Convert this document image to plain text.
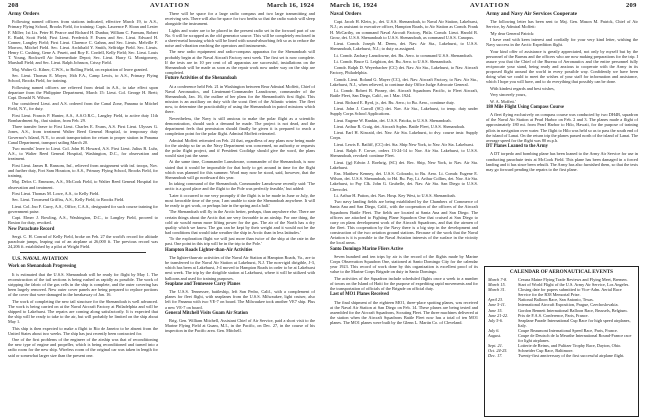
208	AVIATION	March 16, 1924 March 16, 1924	AVIATION	209

Army Orders

Following named officers from stations indicated, effective March 19, to A.S., Primary Flying School, Brooks Field, for training: Capts. Laurence P. Sloan and Lester F. Miller; 1st Lts. Peter H. Pearce and Richard H. Dunbar, William C. Farnum, Robert E. Rudd, Scott Field; First Lieut. Frederick F. Evans and Sec. Lieut. Edward H. Conner, Langley Field; First Lieut. Clarence C. Gahnn, and Sec. Lieuts. Melville F. Morrow, Mitchel Field. Sec. Lieut. Archibald Y. Smith, Selfridge Field. Sec. Lieuts. Henry C. Cushing, Gene A. Pruett, and Roy E. Cordell, Kelly Field; Sec. Lieut. Louis T. Young, Rockwell Air Intermediate Depot; Sec. Lieut. Harry G. Montgomery, Marshall Field; and Sec. Lieut. Ralph Johnson, Crissy Field.

Maj. Walter G. Kilner, C.W.S., to Bolling Field, on expiration of leave granted.

Sec. Lieut. Thomas E. Moyer, 16th F.A., Camp Lewis, to A.S., Primary Flying School, Brooks Field, for training.

Following named officers are relieved from detail in A.S., to take effect upon departure from the Philippine Department, March 15: Lieut. Col. George H. Brett; Capt. Donald N. Wilson.

Our considered Lieut. and A.S. ordered from the Canal Zone, Panama to Mitchel Field, N.Y., for duty.

First Lieut. Francis P. Hunter, A.S., A.S.O.R.C., Langley Field, to active duty 11th Bombardment Sq., that station, from Feb. 29.

Three transfer leave to First Lieut. Charles E. Evans, A.S. First Lieut. Ulysses G. Jones, A.S., from treatment Walter Reed General Hospital, to temporary duty Governor's Island, N.Y., to await transportation for return to proper station in Panama Canal Department, transport sailing March 20.

Two months' leave to Lieut. Col. John H. Howard, A.S. First Lieut. Julius B. Luhr, A.S., to Walter Reed General Hospital, Washington, D.C., for observation and treatment.

First Lieut. James R. Ransom, Inf., relieved from assignment with inf. troops, Nov. and further duty, Fort Sam Houston, to A.S., Primary Flying School, Brooks Field, for training.

Maj. Delos C. Emmons, A.S., McCook Field, to Walter Reed General Hospital for observation and treatment.

First Lieut. Thomas M. Lowe, A.S., to Kelly Field.

Sec. Lieut. Townsend Griffiss, A.S., Kelly Field, to Brooks Field.

Lieut. Col. Jno F. Curry, A.S., Office, C.A.S., designated for such course training for government paise.

Capt. Elmer J. Bowling, A.S., Washington, D.C., to Langley Field, proceed to Boston for duty, revoked.

New Parachute Record

Sergt. C. H. Conrad of Kelly Field, broke on Feb. 27 the world's record for altitude parachute jumps, leaping out of an airplane at 26,000 ft. The previous record was 24,206 ft. established by a pilot at Wright Field.

U.S. NAVAL AVIATION

Work on Shenandoah Progressing

It is estimated that the U.S.S. Shenandoah will be ready for flight by May 1. The reconstruction of the tail sections is being rushed as rapidly as possible. The work of stripping the fabric of the gas cells in the ship is complete, and the outer covering has been largely removed. New outer cover panels are being prepared to replace portions of the cover that were damaged in the breakaway of Jan. 16.

The work of completing the new tail structure for the Shenandoah is well advanced. The work is being carried on at the Naval Aircraft Factory at Philadelphia and will be shipped to Lakehurst. The repairs are coming along satisfactorily. It is expected that the ship will be ready to take to the air, but will probably be limited on the ship about May 1.

This ship is then expected to make a flight to Rio de Janeiro to be absent from the United States about two weeks. The ship has just recently been contracted for.

One of the first problems of the engineer of the airship was that of reconditioning the new type of engine and propeller, which is being reconditioned and turned into a radio room for the new ship. Wireless room of the original car was taken in length for said or somewhat larger size than the present one.

There will be space for a large radio compass and two large transmitting and receiving sets. There will also be space for two berths so that the radio watch will sleep alongside the instrument.

Lights and water are to be placed in the present radio set in the forward part of car No. 6 will be scrapped as the old generator source. This will be completely enclosed in a sheet-metal housing which will be lined with sound-absorbing felt so as to reduce the noise and vibration reaching the operators and instruments.

The new radio equipment and radio-compass apparatus for the Shenandoah will probably begin at the Naval Aircraft Factory next week. The first set is now complete. If the tests are in 10 per cent of all apparatus are successful, installations on the Shenandoah will be made as soon as the repair work now under way on the ship are completed.

Future Activities of the Shenandoah

At a conference held Feb. 21 in Washington between Rear Admiral Moffett, Chief of Naval Aeronautics, and Lieutenant-Commander Lansdowne, commander of the Shenandoah, Jan. 16, the outline of her plans for the Shenandoah's first flight. This mission is an auxiliary on duty with the scout fleet of the Atlantic winter. The fleet now, to determine the practicability of using the Shenandoah in patrol missions which there.

Nevertheless, the Navy is still anxious to make the polar flight as a scientific demonstration, should such a demand be made. The project is not dead, and the department feels that permission should finally be given it is prepared to reach a completion point for the polar flight. Admiral Moffett reiterated.

Admiral Moffett reiterated on Feb. 24 that, regardless of any plans now being made for the airship so far as the Navy Department was concerned, no authority or requests the polar flight project, and if President Coolidge should give the word, the plans would start just the same.

At the same time, Commander Lansdowne, commander of the Shenandoah, is now stated that it would be impossible for that body to get around in time for the flight which was planned for this summer. Word may now be stood, said, however, that the Shenandoah will go northward this year.

In taking command of the Shenandoah, Commander Lansdowne recently said: 'The arctic is a good place and the flight to the Pole was perfectly feasible,' but added:

'Later it occurred to me very promptly if the flight is to be made in June or July, the most favorable time of the year, I am unable to state the Shenandoah anywhere. It will be ready to get work, or perhaps late in the spring and a half.'

'The Shenandoah will fly in the Arctic better, perhaps, than anywhere else. There are certain things about the Arctic that are very favorable to an airship. For one thing, the cold air would mean more lifting power for the gas. The air of the North has a dry quality which we know. The gas can be kept by their weight and it would not be the bad conditions that would take weather the ship in Arctic than in less latitudes.'

'To the exploration flight we will just more than twice of the ship at the rate in the past. One point in this trip will be in the trip to the Pole.'

Hampton Roads Lighter-than-Air Activities

The lighter-than-air activities of the Naval Air Station at Hampton Roads, Va., are to be transferred to the Naval Air Station at Lakehurst, N.J. The non-rigid dirigible, J-3, which has been at Lakehurst, J-4 moved to Hampton Roads in order to be at Lakehurst next week. The trip by the dirigible station at Lakehurst, where it will be utilized with balloons and used for training purposes.

Seaplane and Tennessee Carry Planes

The U.S.S. Tennessee, battleship, left San Pedro, Calif., with a complement of planes for fleet flight, with seaplanes from the U.S.S. Milwaukee, light cruiser, also left for Panama with two VE-7 on board. The Milwaukee took another VE7 ship. Plus a new VE-7 on board.

General Mitchell Visits Guam Air Station

Brig. Gen. William Mitchell, Assistant Chief of Air Service, paid a short visit to the Marine Flying Field at Guam, M.I., in the Pacific, on Dec. 27, in the course of his inspection in the Pacific area. Gen. Mitchell.

Naval Orders

Capt. Jacob H. Klein, jr., det. U.S.S. Shenandoah, to Naval Air Station, Lakehurst, N.J.; as assistant to executive officer, Hampton Roads, to Air Station as Comdr. Frank H. McCarthy, on command Naval Aircraft Factory, Phila. Comdr. Lieut. Harold B. Grow, det. U.S.S. Shenandoah to U.S.S. Shenandoah, as command U.S.S. Canopus.

Lieut. Comdr. Joseph M. Deem, det. Nav. Air Sta., Lakehurst, to U.S.S. Shenandoah, Lakehurst, N.J.; to duty as assigned.

Lt. Comdr. Zachary Lansdowne, det. Bu. Aero. to command U.S.S. Shenandoah.

Lt. Comdr. Bruce G. Leighton, det. Bu. Aero. to U.S.S. Shenandoah.

Comdr. Ralph D. Weyerbacher (CC) det. Nav. Air Sta., Lakehurst, to Nav. Aircraft Factory, Philadelphia.

Comdr. Lieut. Roland G. Mayer (CC), det. Nav. Aircraft Factory, to Nav. Air Sta., Lakehurst, N.J., when relieved, to continue duty Office Judge Advocate General.

Lt. Comdr. Robert B. Pinney, det. Aircraft Squadrons Pacific, to Fleet Aircraft, Battle Fleet, San Diego, Calif., on 1 Mar. 1924.

Lieut. Richard E. Byrd, jr., det. Bu. Aero.; to Bu. Aero., continue duty.

Lieut. John J. Carroll (SC) det. Nav. Air Sta., Lakehurst, to temp. duty under Supply Corps School Applications.

Lieut. Eugene W. Rankin, det. U.S.S. Patoka, to U.S.S. Shenandoah.

Lieut. Arthur R. Craig, det. Aircraft Sqdns. Battle Fleet, U.S.S. Shenandoah.

Lieut. Earl H. Kincaid, det. Nav. Air Sta. Lakehurst, to dvy. course instr. Supply Corps.

Lieut. Lewis E. Ratliff, (CC) det. Sta. Ship New York, to Nav. Air Sta. Lakehurst.

Lieut. Ralph F. Crowe, orders 13-24-14 to Nav. Air Sta. Lakehurst, to U.S.S. Shenandoah, revoked: continue Fleet.

Lieut. (jg) Edwin J. Roehrig, (SC) det. Rec. Ship, New York, to Nav. Air Sta. Lakehurst.

Ens. Matthew Kenney, det. U.S.S. Colorado, to Bu. Aero. Lt. Comdr. Eugene E. Wilson, det. U.S.S. Shenandoah, to Hd. Bu. Pay, Lt. Arthur Collins, det. Nav. Air Sta. Lakehurst, to Pay Clk. John G. Gruhelle, det. Nav. Air Sta. San Diego to U.S.S. Chevrolet.

Lt. Arthur H. Patton, det. Nav. Hosp. Key West, to U.S.S. Shenandoah.

Two navy landing fields are being established by the Chambers of Commerce of Santa Ana and San Diego, Calif., with the cooperation of the officers of the Aircraft Squadrons Battle Fleet. The fields are located at Santa Ana and San Diego. The officers are attached to Fighting Plane Squadron One that cruised at San Diego to carry on plans development work of the Aircraft Squadrons, and that the airmen of the fleet. This cooperation by the Navy there is a big step in the development and construction of the two aviation ground stations. Because of the work that the Naval Aviation is it is possible to the Naval Aviation interests of the surface in the vicinity the local areas.

Santo Domingo Marine Fliers Active

Seven hundred and ten trips by air is the record of the flights made by Marine Corps Observation Squadron One, stationed at Santo Domingo City for the calendar year 1923. This record of work done by this organization is excellent proof of its value to the Marine Corps Brigade on duty in Santo Domingo.

The activities of the Squadron include scheduled flights once a week to a number of towns on the Island of Haiti for the purpose of expediting rapid movements and for the transportation of officials of the Brigade on official duty.

Last of MO1 Planes Received

The final shipment of the eighteen MO1, three-place spotting planes, was received at the Naval Air Station at San Diego on Feb. 14. These planes are being tested and assembled for the Aircraft Squadrons, Scouting Fleet. The three machines delivered at the station when the Aircraft Squadrons Battle Fleet now has a total of ten MO1 planes. The MO1 planes were built by the Glenn L. Martin Co. of Cleveland.

Army and Navy Air Services Cooperate

The following letter has been sent to Maj. Gen. Mason M. Patrick, Chief of Air Service, by Admiral Moffett:

'My dear General Patrick:

I have read with keen interest and cordially for your very kind letter, wishing the Navy success in the Arctic Expedition flight.

Your kind offer of assistance is greatly appreciated, not only by myself but by the personnel of the Bureau and the officers who are now making preparations for the trip. I assure you that the Chief of the Bureau of Aeronautics and the entire personnel fully reciprocate your stand, being ready and anxious to cooperate with the Army in its proposed flight around the world in every possible way. Confidently we have been doing what we could to meet the wishes of your staff for information and assistance, which I hope you will have, and to do everything that possibly can be done.

With kindest regards and best wishes,

Very sincerely yours,

W. A. Moffett.'

180 Mile Flight Using Compass Course

A fleet flying exclusively on compass course was conducted by two DH4B, squadron of the Naval Air Station at Pearl Harbor on Feb. 2 and 3. The planes made a flight of approximately 180 mi. from Pearl Harbor to Hilo, Hawaii, for the purpose of training pilots in navigation over water. The flight to Hilo was held so as to pass the south end of the island of Lanai. On the return trip the planes passed north of the island of Lanai. The average speed for the flight was 80 m.p.h.

DT Planes Loaned to the Army

A DT torpedo and bombing plane has been loaned to the Army Air Service for use in conducting parachute tests at McCook Field. This plane has been damaged in a forced landing and it has since been rebuilt. The Army has also furnished them, so that the tests may go forward pending the repairs to the first plane.

CALENDAR OF AERONAUTICAL EVENTS
March 7-8.	Cessna Maine Flying Trade Reviews and Flying Meet, Bremen.
March 15.	Start of World Flight of the U.S. Army Air Service, Los Angeles.
March 31.	Closing date for papers submitted to Vice-Adm. Aerial Race Service for the R38 Memorial Prize.
April 23.	National Balloon Race, San Antonio, Texas.
June 5-11.	International Aircraft Exposition, Prague, Czechoslovakia.
June 15.	Gordon Bennett International Balloon Race, Brussels, Belgium.
June 21-22.	Prix de F.A.S. Conference, Paris, France.
July 5-6.	Seaplane Parade International Cup Race for high speed airplanes, Italy.
July 6.	Coupe Beaumont International Speed Race, Paris, France.
August.	Coupe de Deutsch de la Meurthe International Round-France race for light airplanes.
Sept. 21.	Lotterie de Reims, and Pulitzer Trophy Race, Dayton, Ohio.
Oct. 24-25.	Schneider Cup Race, Baltimore.
Dec. 17.	Twenty-first anniversary of the first successful airplane flight.
